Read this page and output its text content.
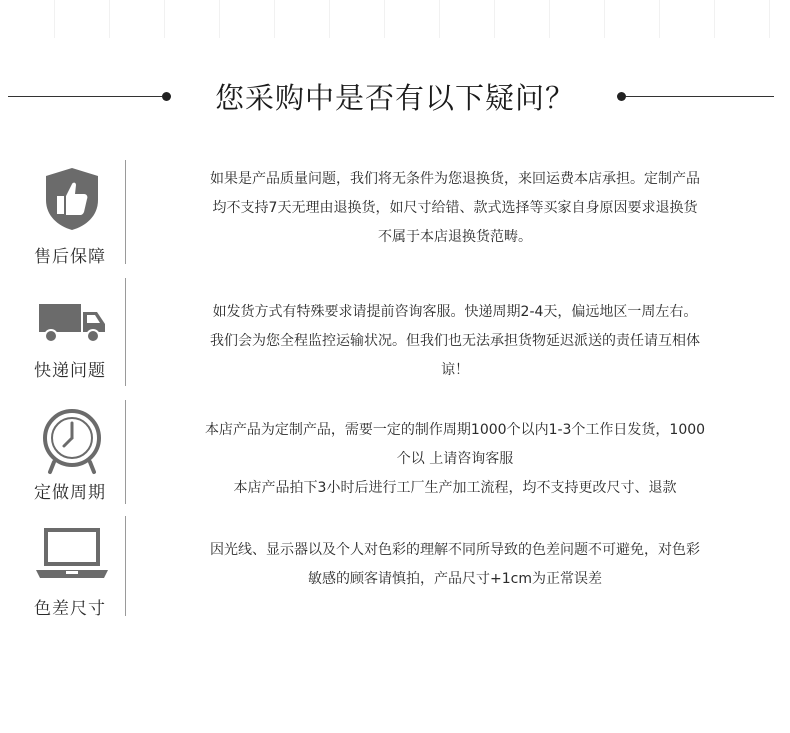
您采购中是否有以下疑问？
售后保障

如果是产品质量问题，我们将无条件为您退换货，来回运费本店承担。定制产品

均不支持7天无理由退换货，如尺寸给错、款式选择等买家自身原因要求退换货

不属于本店退换货范畴。

快递问题

如发货方式有特殊要求请提前咨询客服。快递周期2-4天，偏远地区一周左右。

我们会为您全程监控运输状况。但我们也无法承担货物延迟派送的责任请互相体

谅！

定做周期

本店产品为定制产品，需要一定的制作周期1000个以内1-3个工作日发货，1000

个以 上请咨询客服

本店产品拍下3小时后进行工厂生产加工流程，均不支持更改尺寸、退款

色差尺寸

因光线、显示器以及个人对色彩的理解不同所导致的色差问题不可避免，对色彩

敏感的顾客请慎拍，产品尺寸+1cm为正常误差
